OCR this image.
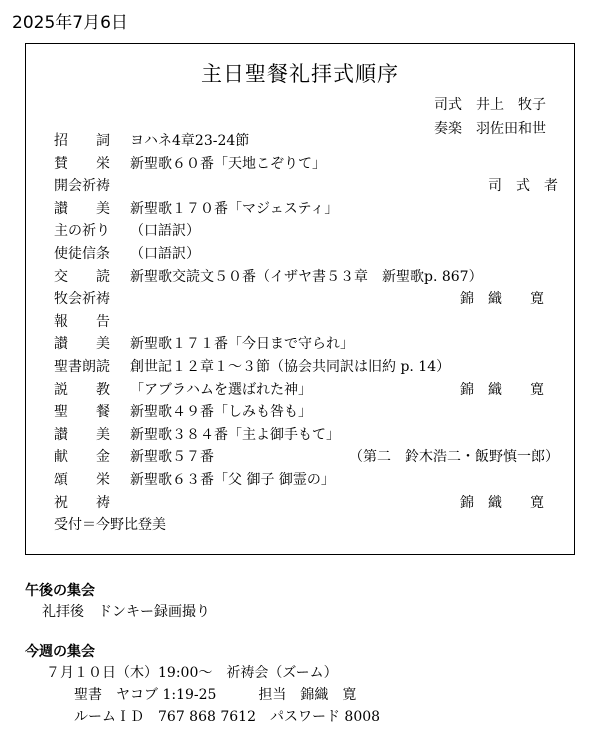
2025年7月6日
主日聖餐礼拝式順序
司式　井上　牧子
奏楽　羽佐田和世
招　　詞 ヨハネ4章23-24節
賛　　栄 新聖歌６０番「天地こぞりて」
開会祈祷	　　司　式　者
讃　　美 新聖歌１７０番「マジェスティ」
主の祈り （口語訳）
使徒信条 （口語訳）
交　　読 新聖歌交読文５０番（イザヤ書５３章　新聖歌p. 867）
牧会祈祷	錦　織　　寛
報　　告
讃　　美 新聖歌１７１番「今日まで守られ」
聖書朗読 創世記１２章１～３節（協会共同訳は旧約 p. 14）
説　　教 「アブラハムを選ばれた神」	錦　織　　寛
聖　　餐 新聖歌４９番「しみも咎も」
讃　　美 新聖歌３８４番「主よ御手もて」
献　　金 新聖歌５７番	（第二　鈴木浩二・飯野慎一郎）
頌　　栄 新聖歌６３番「父 御子 御霊の」
祝　　祷	錦　織　　寛
受付＝今野比登美
午後の集会
礼拝後　ドンキー録画撮り
今週の集会
７月１０日（木）19:00～　祈祷会（ズーム）
聖書　ヤコブ 1:19-25　　　担当　錦織　寛
ルームＩＤ　767 868 7612　パスワード 8008
